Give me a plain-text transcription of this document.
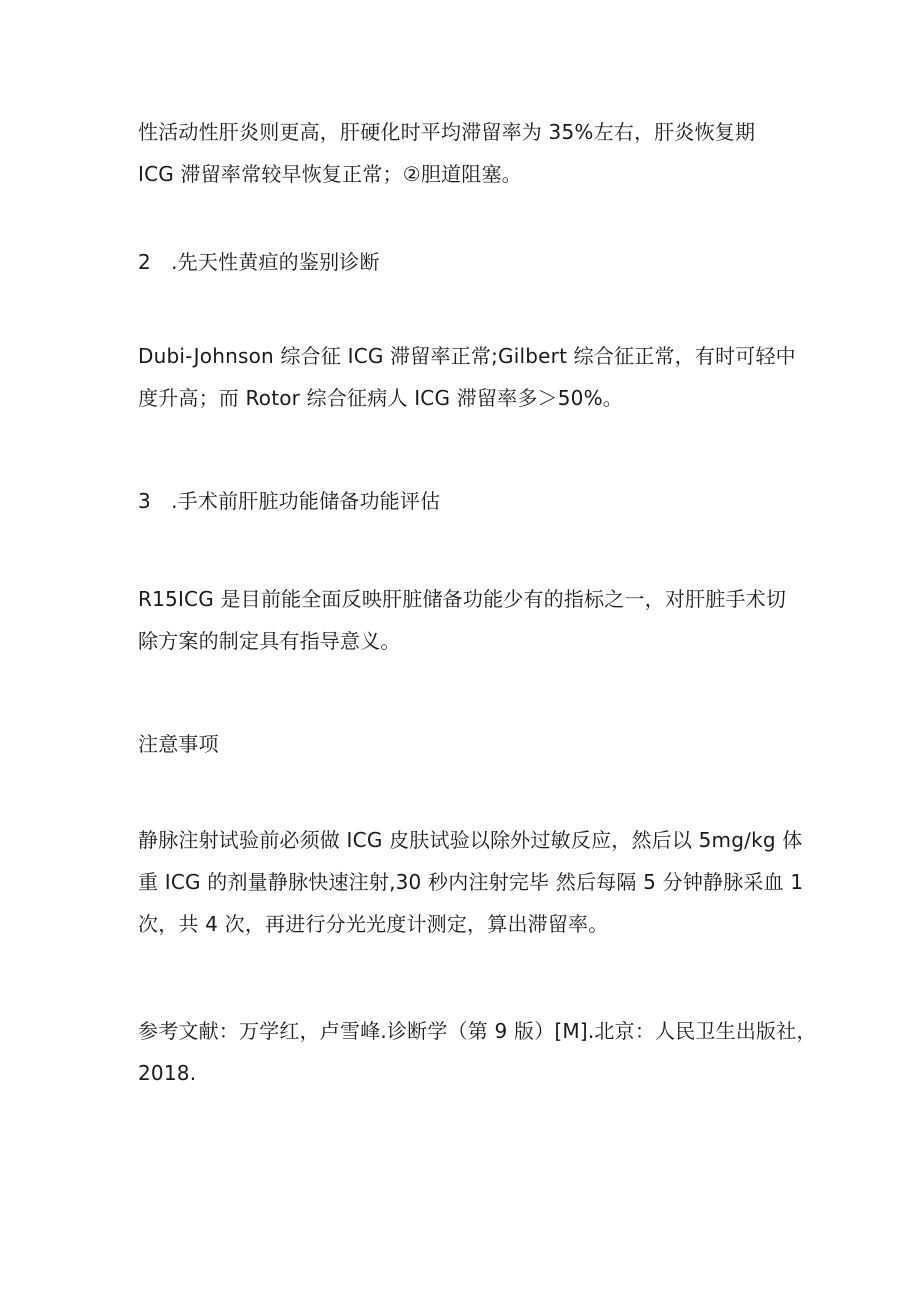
性活动性肝炎则更高，肝硬化时平均滞留率为 35%左右，肝炎恢复期
ICG 滞留率常较早恢复正常；②胆道阻塞。
2　.先天性黄疸的鉴别诊断
Dubi-Johnson 综合征 ICG 滞留率正常;Gilbert 综合征正常，有时可轻中
度升高；而 Rotor 综合征病人 ICG 滞留率多＞50%。
3　.手术前肝脏功能储备功能评估
R15ICG 是目前能全面反映肝脏储备功能少有的指标之一，对肝脏手术切
除方案的制定具有指导意义。
注意事项
静脉注射试验前必须做 ICG 皮肤试验以除外过敏反应，然后以 5mg∕kg 体
重 ICG 的剂量静脉快速注射,30 秒内注射完毕 然后每隔 5 分钟静脉采血 1
次，共 4 次，再进行分光光度计测定，算出滞留率。
参考文献：万学红，卢雪峰.诊断学（第 9 版）[M].北京：人民卫生出版社，
2018.
